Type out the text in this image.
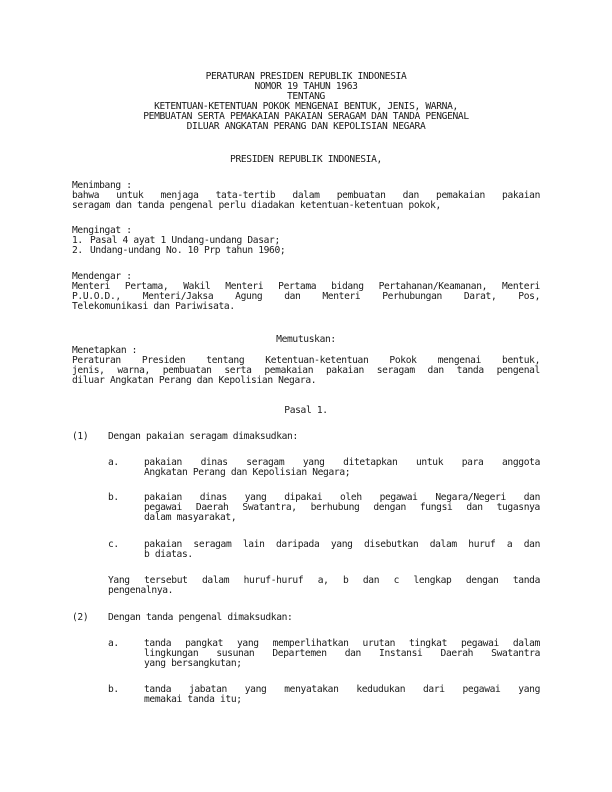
PERATURAN PRESIDEN REPUBLIK INDONESIA
NOMOR 19 TAHUN 1963
TENTANG
KETENTUAN-KETENTUAN POKOK MENGENAI BENTUK, JENIS, WARNA,
PEMBUATAN SERTA PEMAKAIAN PAKAIAN SERAGAM DAN TANDA PENGENAL
DILUAR ANGKATAN PERANG DAN KEPOLISIAN NEGARA
PRESIDEN REPUBLIK INDONESIA,
Menimbang :
bahwa untuk menjaga tata-tertib dalam pembuatan dan pemakaian pakaian
seragam dan tanda pengenal perlu diadakan ketentuan-ketentuan pokok,
Mengingat :
1. Pasal 4 ayat 1 Undang-undang Dasar;
2. Undang-undang No. 10 Prp tahun 1960;
Mendengar :
Menteri Pertama, Wakil Menteri Pertama bidang Pertahanan/Keamanan, Menteri
P.U.O.D., Menteri/Jaksa Agung dan Menteri Perhubungan Darat, Pos,
Telekomunikasi dan Pariwisata.
Memutuskan:
Menetapkan :
Peraturan Presiden tentang Ketentuan-ketentuan Pokok mengenai bentuk,
jenis, warna, pembuatan serta pemakaian pakaian seragam dan tanda pengenal
diluar Angkatan Perang dan Kepolisian Negara.
Pasal 1.
(1) Dengan pakaian seragam dimaksudkan:
a.	pakaian dinas seragam yang ditetapkan untuk para anggota
Angkatan Perang dan Kepolisian Negara;
b.	pakaian dinas yang dipakai oleh pegawai Negara/Negeri dan
pegawai Daerah Swatantra, berhubung dengan fungsi dan tugasnya
dalam masyarakat,
c.	pakaian seragam lain daripada yang disebutkan dalam huruf a dan
b diatas.
Yang tersebut dalam huruf-huruf a, b dan c lengkap dengan tanda
pengenalnya.
(2) Dengan tanda pengenal dimaksudkan:
a.	tanda pangkat yang memperlihatkan urutan tingkat pegawai dalam
lingkungan susunan Departemen dan Instansi Daerah Swatantra
yang bersangkutan;
b.	tanda jabatan yang menyatakan kedudukan dari pegawai yang
memakai tanda itu;
